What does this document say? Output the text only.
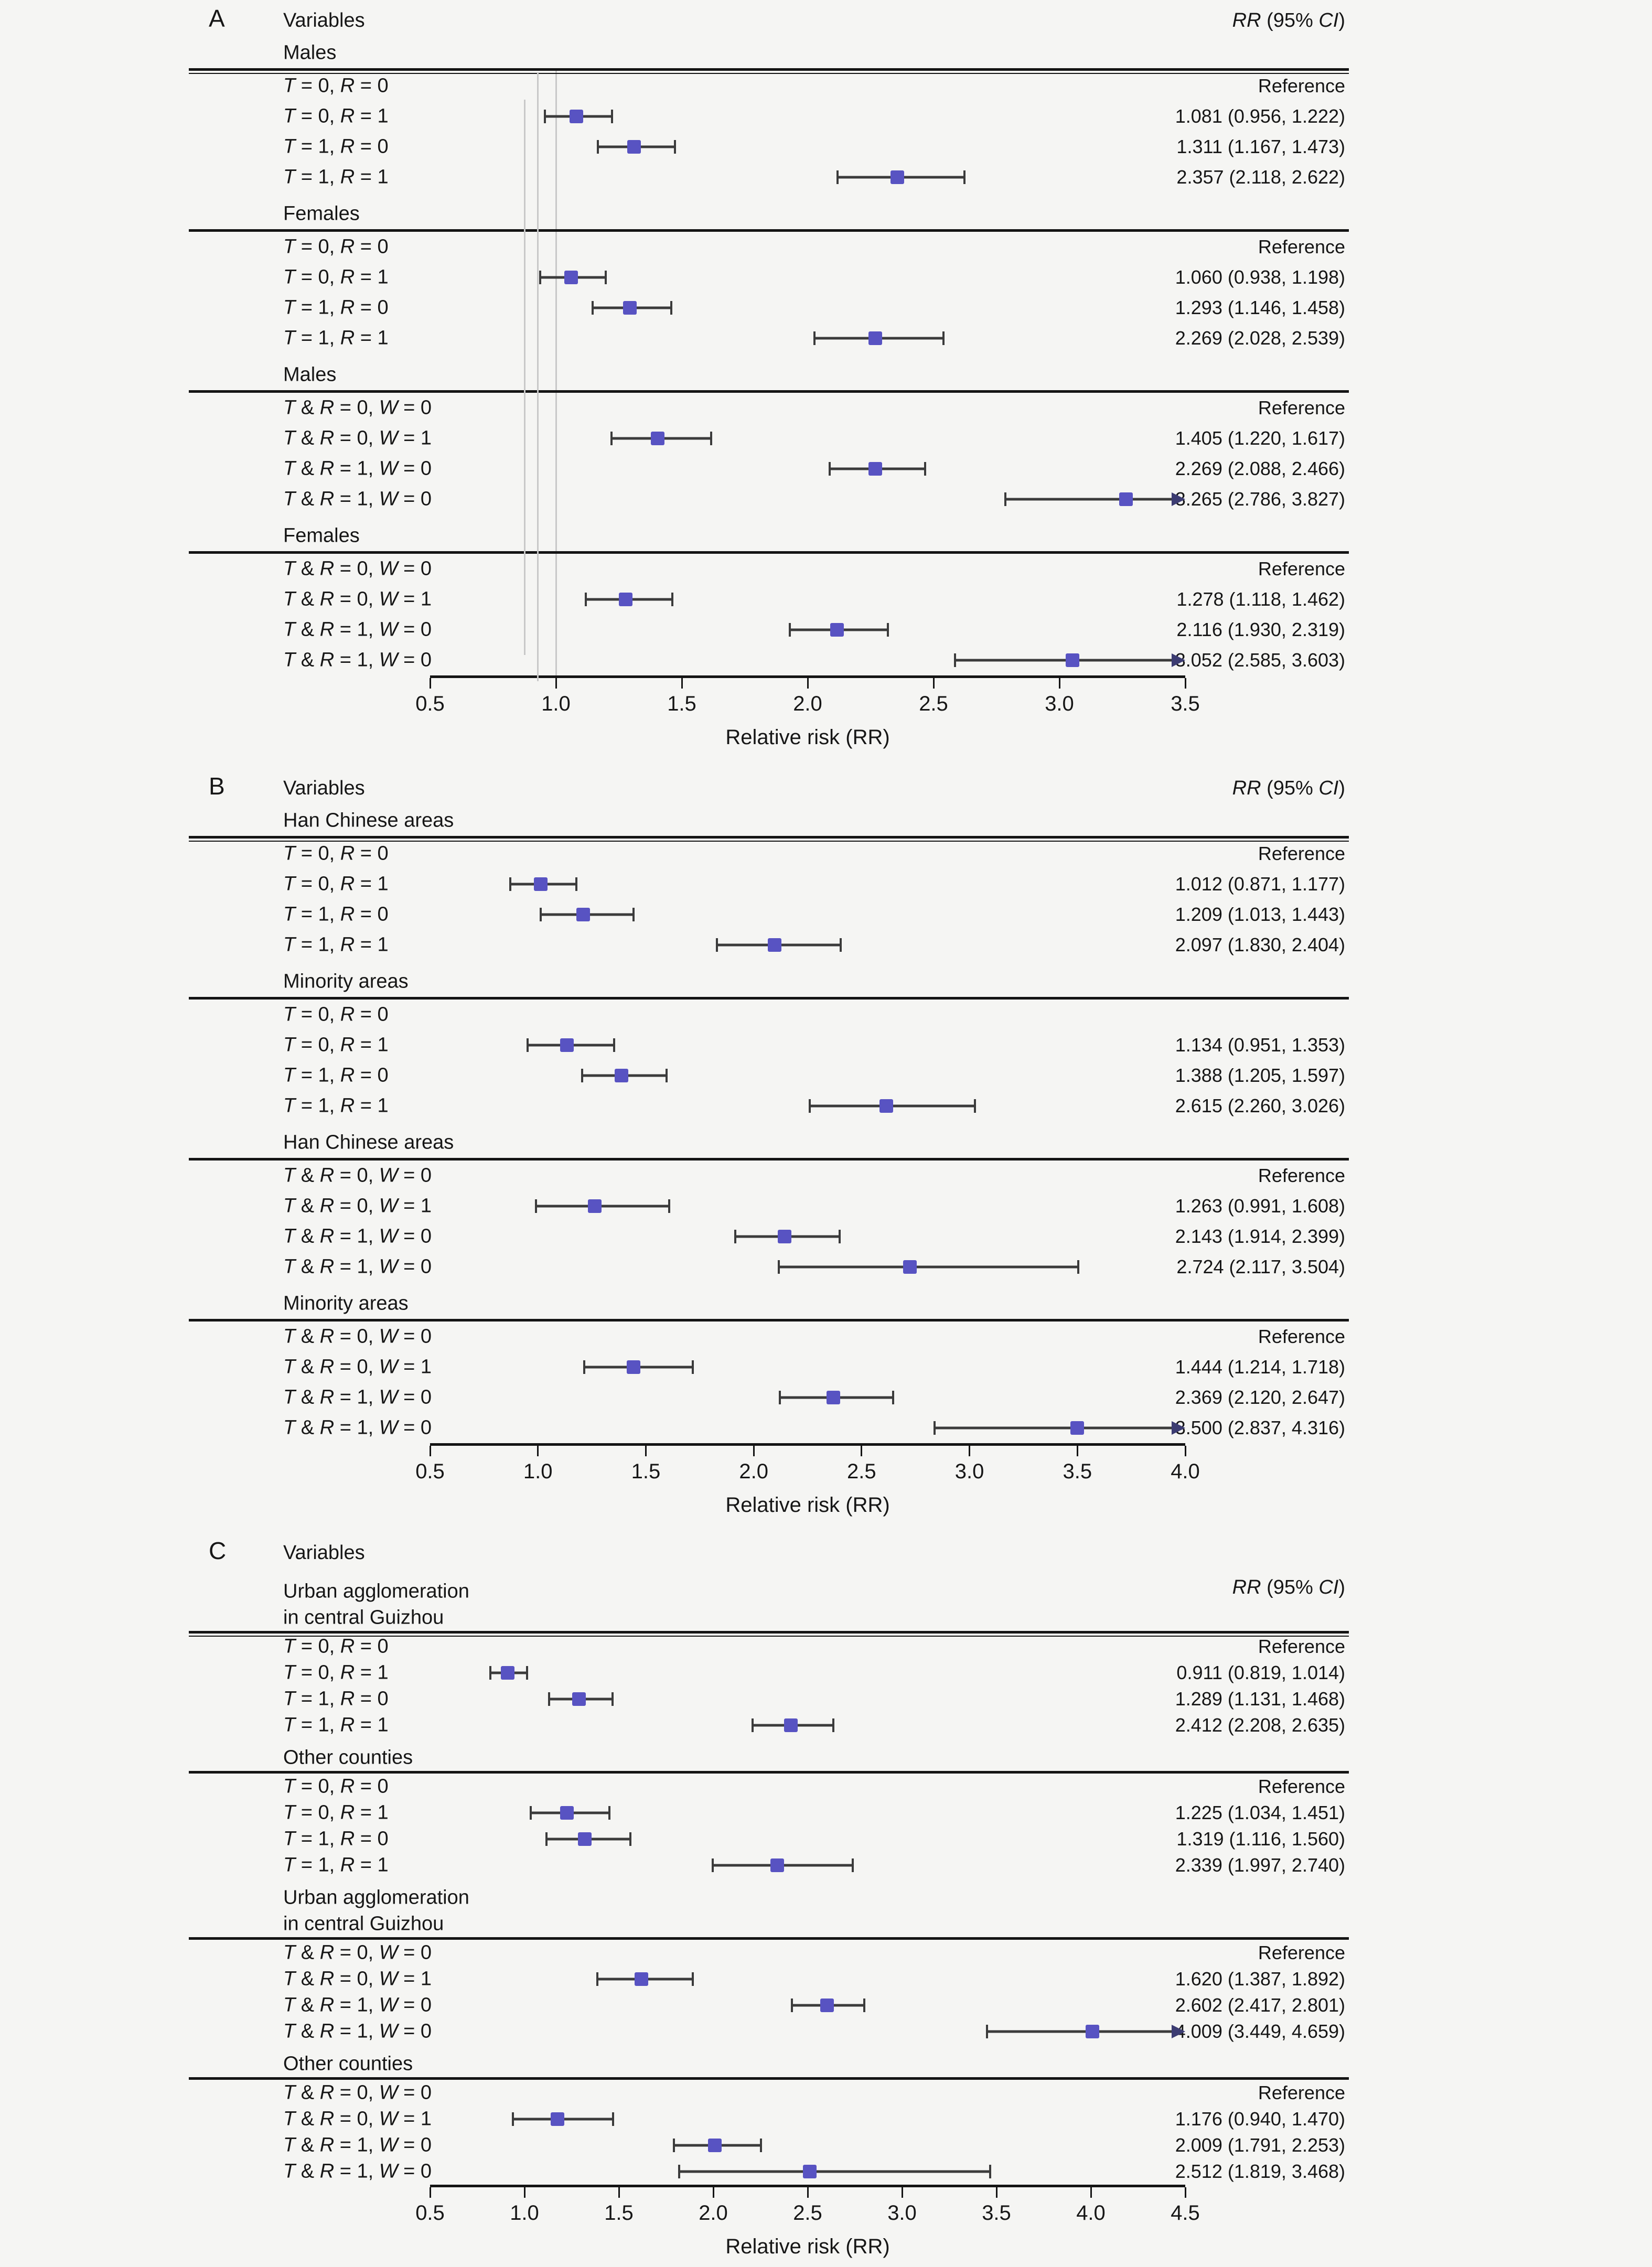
A	Variables	RR (95% CI)
Males
T = 0, R = 0	Reference
T = 0, R = 1	1.081 (0.956, 1.222)
T = 1, R = 0	1.311 (1.167, 1.473)
T = 1, R = 1	2.357 (2.118, 2.622)
Females
T = 0, R = 0	Reference
T = 0, R = 1	1.060 (0.938, 1.198)
T = 1, R = 0	1.293 (1.146, 1.458)
T = 1, R = 1	2.269 (2.028, 2.539)
Males
T & R = 0, W = 0	Reference
T & R = 0, W = 1	1.405 (1.220, 1.617)
T & R = 1, W = 0	2.269 (2.088, 2.466)
T & R = 1, W = 0	3.265 (2.786, 3.827)
Females
T & R = 0, W = 0	Reference
T & R = 0, W = 1	1.278 (1.118, 1.462)
T & R = 1, W = 0	2.116 (1.930, 2.319)
T & R = 1, W = 0	3.052 (2.585, 3.603)
0.5	1.0	1.5	2.0	2.5	3.0	3.5
Relative risk (RR)
B	Variables	RR (95% CI)
Han Chinese areas
T = 0, R = 0	Reference
T = 0, R = 1	1.012 (0.871, 1.177)
T = 1, R = 0	1.209 (1.013, 1.443)
T = 1, R = 1	2.097 (1.830, 2.404)
Minority areas
T = 0, R = 0
T = 0, R = 1	1.134 (0.951, 1.353)
T = 1, R = 0	1.388 (1.205, 1.597)
T = 1, R = 1	2.615 (2.260, 3.026)
Han Chinese areas
T & R = 0, W = 0	Reference
T & R = 0, W = 1	1.263 (0.991, 1.608)
T & R = 1, W = 0	2.143 (1.914, 2.399)
T & R = 1, W = 0	2.724 (2.117, 3.504)
Minority areas
T & R = 0, W = 0	Reference
T & R = 0, W = 1	1.444 (1.214, 1.718)
T & R = 1, W = 0	2.369 (2.120, 2.647)
T & R = 1, W = 0	3.500 (2.837, 4.316)
0.5	1.0	1.5	2.0	2.5	3.0	3.5	4.0
Relative risk (RR)
C	Variables
RR (95% CI)
Urban agglomeration
in central Guizhou
T = 0, R = 0	Reference
T = 0, R = 1	0.911 (0.819, 1.014)
T = 1, R = 0	1.289 (1.131, 1.468)
T = 1, R = 1	2.412 (2.208, 2.635)
Other counties
T = 0, R = 0	Reference
T = 0, R = 1	1.225 (1.034, 1.451)
T = 1, R = 0	1.319 (1.116, 1.560)
T = 1, R = 1	2.339 (1.997, 2.740)
Urban agglomeration
in central Guizhou
T & R = 0, W = 0	Reference
T & R = 0, W = 1	1.620 (1.387, 1.892)
T & R = 1, W = 0	2.602 (2.417, 2.801)
T & R = 1, W = 0	4.009 (3.449, 4.659)
Other counties
T & R = 0, W = 0	Reference
T & R = 0, W = 1	1.176 (0.940, 1.470)
T & R = 1, W = 0	2.009 (1.791, 2.253)
T & R = 1, W = 0	2.512 (1.819, 3.468)
0.5	1.0	1.5	2.0	2.5	3.0	3.5	4.0	4.5
Relative risk (RR)
